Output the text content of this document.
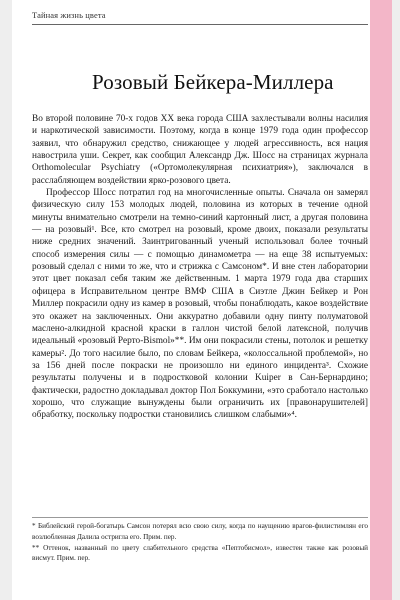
Тайная жизнь цвета
Розовый Бейкера-Миллера

Во второй половине 70-х годов XX века города США захлестывали волны насилия и наркотической зависимости. Поэтому, когда в конце 1979 года один профессор заявил, что обнаружил средство, снижающее у людей агрессивность, вся нация навострила уши. Секрет, как сообщил Александр Дж. Шосс на страницах журнала Orthomolecular Psychiatry («Ортомолекулярная психиатрия»), заключался в расслабляющем воздействии ярко-розового цвета.

Профессор Шосс потратил год на многочисленные опыты. Сначала он замерял физическую силу 153 молодых людей, половина из которых в течение одной минуты внимательно смотрели на темно-синий картонный лист, а другая половина — на розовый¹. Все, кто смотрел на розовый, кроме двоих, показали результаты ниже средних значений. Заинтригованный ученый использовал более точный способ измерения силы — с помощью динамометра — на еще 38 испытуемых: розовый сделал с ними то же, что и стрижка с Самсоном*. И вне стен лаборатории этот цвет показал себя таким же действенным. 1 марта 1979 года два старших офицера в Исправительном центре ВМФ США в Сиэтле Джин Бейкер и Рон Миллер покрасили одну из камер в розовый, чтобы понаблюдать, какое воздействие это окажет на заключенных. Они аккуратно добавили одну пинту полуматовой маслено-алкидной красной краски в галлон чистой белой латексной, получив идеальный «розовый Рерто-Bismol»**. Им они покрасили стены, потолок и решетку камеры². До того насилие было, по словам Бейкера, «колоссальной проблемой», но за 156 дней после покраски не произошло ни единого инцидента³. Схожие результаты получены и в подростковой колонии Kuiper в Сан-Бернардино; фактически, радостно докладывал доктор Пол Боккумини, «это сработало настолько хорошо, что служащие вынуждены были ограничить их [правонарушителей] обработку, поскольку подростки становились слишком слабыми»⁴.

* Библейский герой-богатырь Самсон потерял всю свою силу, когда по наущению врагов-филистимлян его возлюбленная Далила остригла его. Прим. пер.

** Оттенок, названный по цвету слабительного средства «Пептобисмол», известен также как розовый висмут. Прим. пер.
